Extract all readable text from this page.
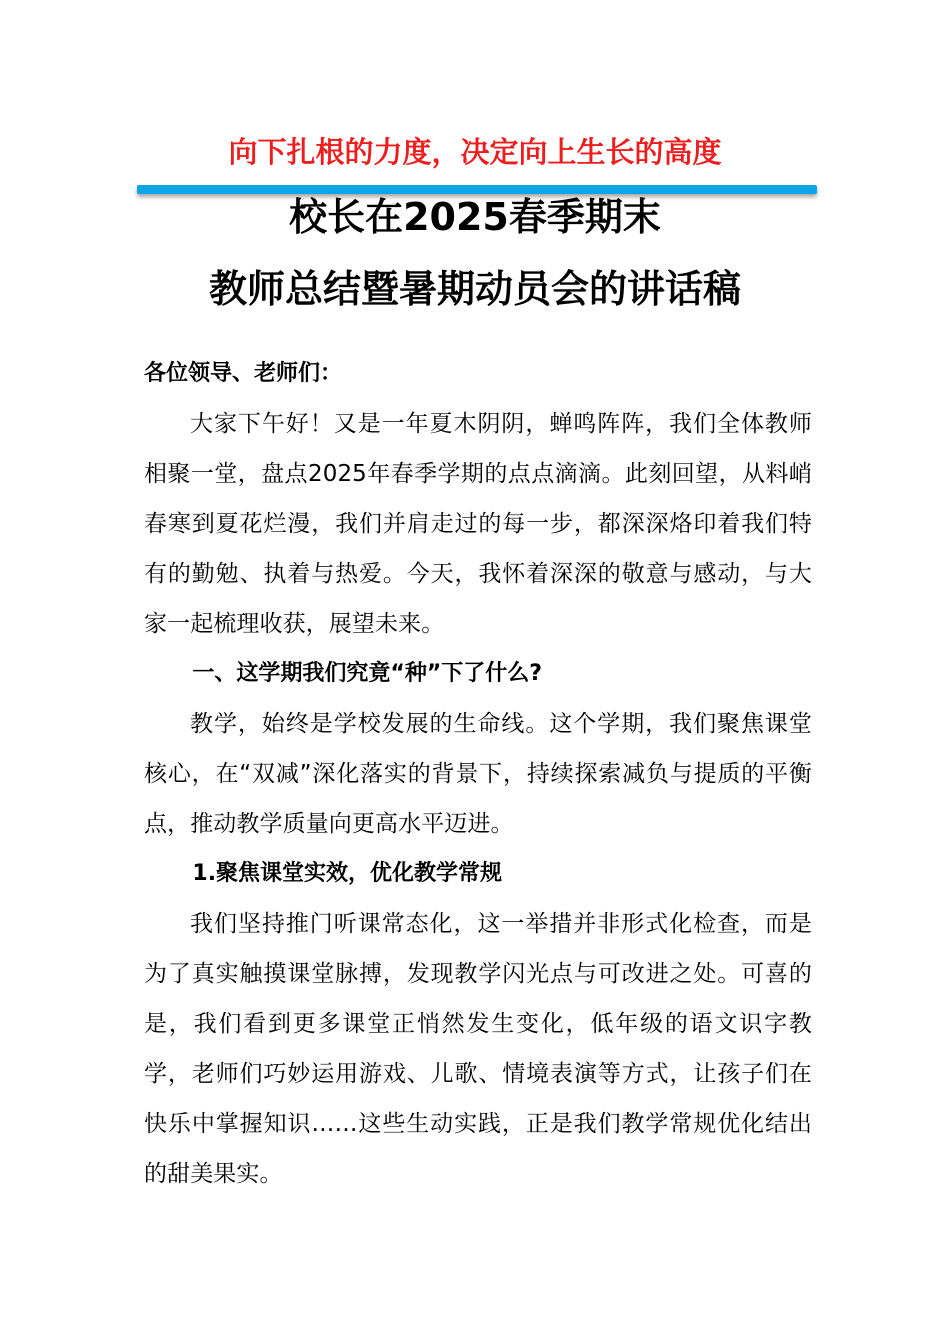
向下扎根的力度，决定向上生长的高度
校长在2025春季期末
教师总结暨暑期动员会的讲话稿

各位领导、老师们：

大家下午好！又是一年夏木阴阴，蝉鸣阵阵，我们全体教师相聚一堂，盘点2025年春季学期的点点滴滴。此刻回望，从料峭春寒到夏花烂漫，我们并肩走过的每一步，都深深烙印着我们特有的勤勉、执着与热爱。今天，我怀着深深的敬意与感动，与大家一起梳理收获，展望未来。

一、这学期我们究竟“种”下了什么?

教学，始终是学校发展的生命线。这个学期，我们聚焦课堂核心，在“双减”深化落实的背景下，持续探索减负与提质的平衡点，推动教学质量向更高水平迈进。

1.聚焦课堂实效，优化教学常规

我们坚持推门听课常态化，这一举措并非形式化检查，而是为了真实触摸课堂脉搏，发现教学闪光点与可改进之处。可喜的是，我们看到更多课堂正悄然发生变化，低年级的语文识字教学，老师们巧妙运用游戏、儿歌、情境表演等方式，让孩子们在快乐中掌握知识……这些生动实践，正是我们教学常规优化结出的甜美果实。
